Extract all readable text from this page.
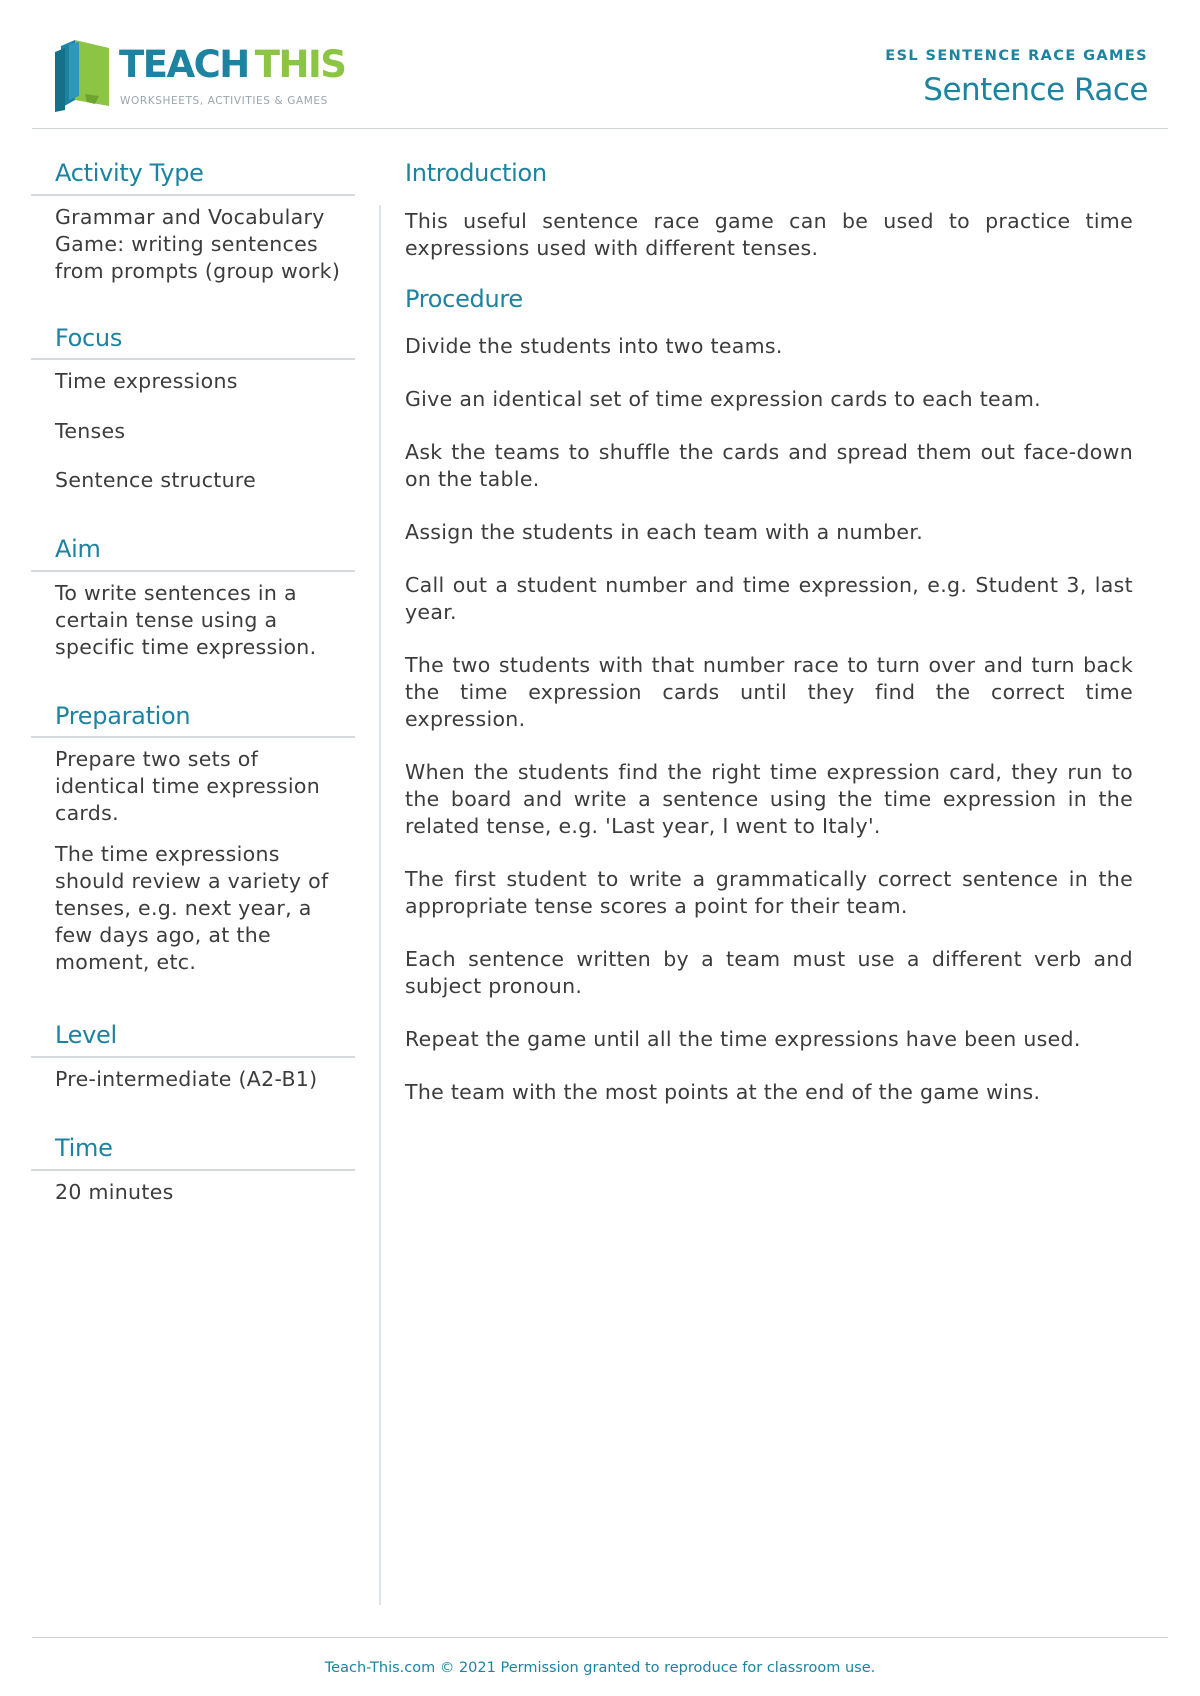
TEACH THIS
WORKSHEETS, ACTIVITIES & GAMES
ESL SENTENCE RACE GAMES
Sentence Race
Activity Type

Grammar and Vocabulary Game: writing sentences from prompts (group work)

Focus

Time expressions

Tenses

Sentence structure

Aim

To write sentences in a certain tense using a specific time expression.

Preparation

Prepare two sets of identical time expression cards.

The time expressions should review a variety of tenses, e.g. next year, a few days ago, at the moment, etc.

Level

Pre-intermediate (A2-B1)

Time

20 minutes

Introduction

This useful sentence race game can be used to practice time expressions used with different tenses.

Procedure

Divide the students into two teams.

Give an identical set of time expression cards to each team.

Ask the teams to shuffle the cards and spread them out face-down on the table.

Assign the students in each team with a number.

Call out a student number and time expression, e.g. Student 3, last year.

The two students with that number race to turn over and turn back the time expression cards until they find the correct time expression.

When the students find the right time expression card, they run to the board and write a sentence using the time expression in the related tense, e.g. 'Last year, I went to Italy'.

The first student to write a grammatically correct sentence in the appropriate tense scores a point for their team.

Each sentence written by a team must use a different verb and subject pronoun.

Repeat the game until all the time expressions have been used.

The team with the most points at the end of the game wins.

Teach-This.com © 2021 Permission granted to reproduce for classroom use.
